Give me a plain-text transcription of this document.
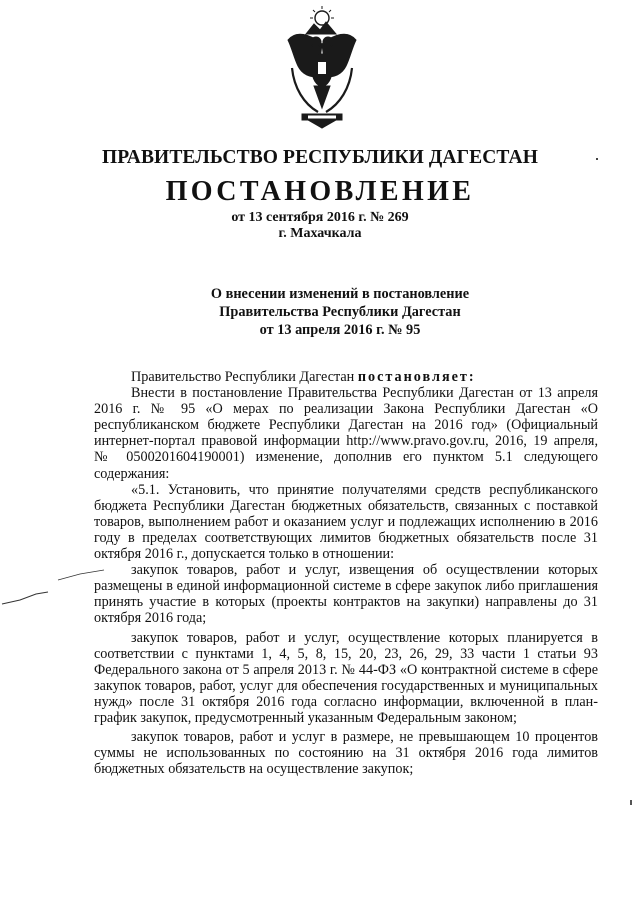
ПРАВИТЕЛЬСТВО РЕСПУБЛИКИ ДАГЕСТАН
ПОСТАНОВЛЕНИЕ
от 13 сентября 2016 г. № 269
г. Махачкала
О внесении изменений в постановление
Правительства Республики Дагестан
от 13 апреля 2016 г. № 95

Правительство Республики Дагестан постановляет:

Внести в постановление Правительства Республики Дагестан от 13 апреля 2016 г. № 95 «О мерах по реализации Закона Республики Дагестан «О республиканском бюджете Республики Дагестан на 2016 год» (Официальный интернет-портал правовой информации http://www.pravo.gov.ru, 2016, 19 апреля, № 0500201604190001) изменение, дополнив его пунктом 5.1 следующего содержания:

«5.1. Установить, что принятие получателями средств республиканского бюджета Республики Дагестан бюджетных обязательств, связанных с поставкой товаров, выполнением работ и оказанием услуг и подлежащих исполнению в 2016 году в пределах соответствующих лимитов бюджетных обязательств после 31 октября 2016 г., допускается только в отношении:

закупок товаров, работ и услуг, извещения об осуществлении которых размещены в единой информационной системе в сфере закупок либо приглашения принять участие в которых (проекты контрактов на закупки) направлены до 31 октября 2016 года;

закупок товаров, работ и услуг, осуществление которых планируется в соответствии с пунктами 1, 4, 5, 8, 15, 20, 23, 26, 29, 33 части 1 статьи 93 Федерального закона от 5 апреля 2013 г. № 44-ФЗ «О контрактной системе в сфере закупок товаров, работ, услуг для обеспечения государственных и муниципальных нужд» после 31 октября 2016 года согласно информации, включенной в план-график закупок, предусмотренный указанным Федеральным законом;

закупок товаров, работ и услуг в размере, не превышающем 10 процентов суммы не использованных по состоянию на 31 октября 2016 года лимитов бюджетных обязательств на осуществление закупок;
